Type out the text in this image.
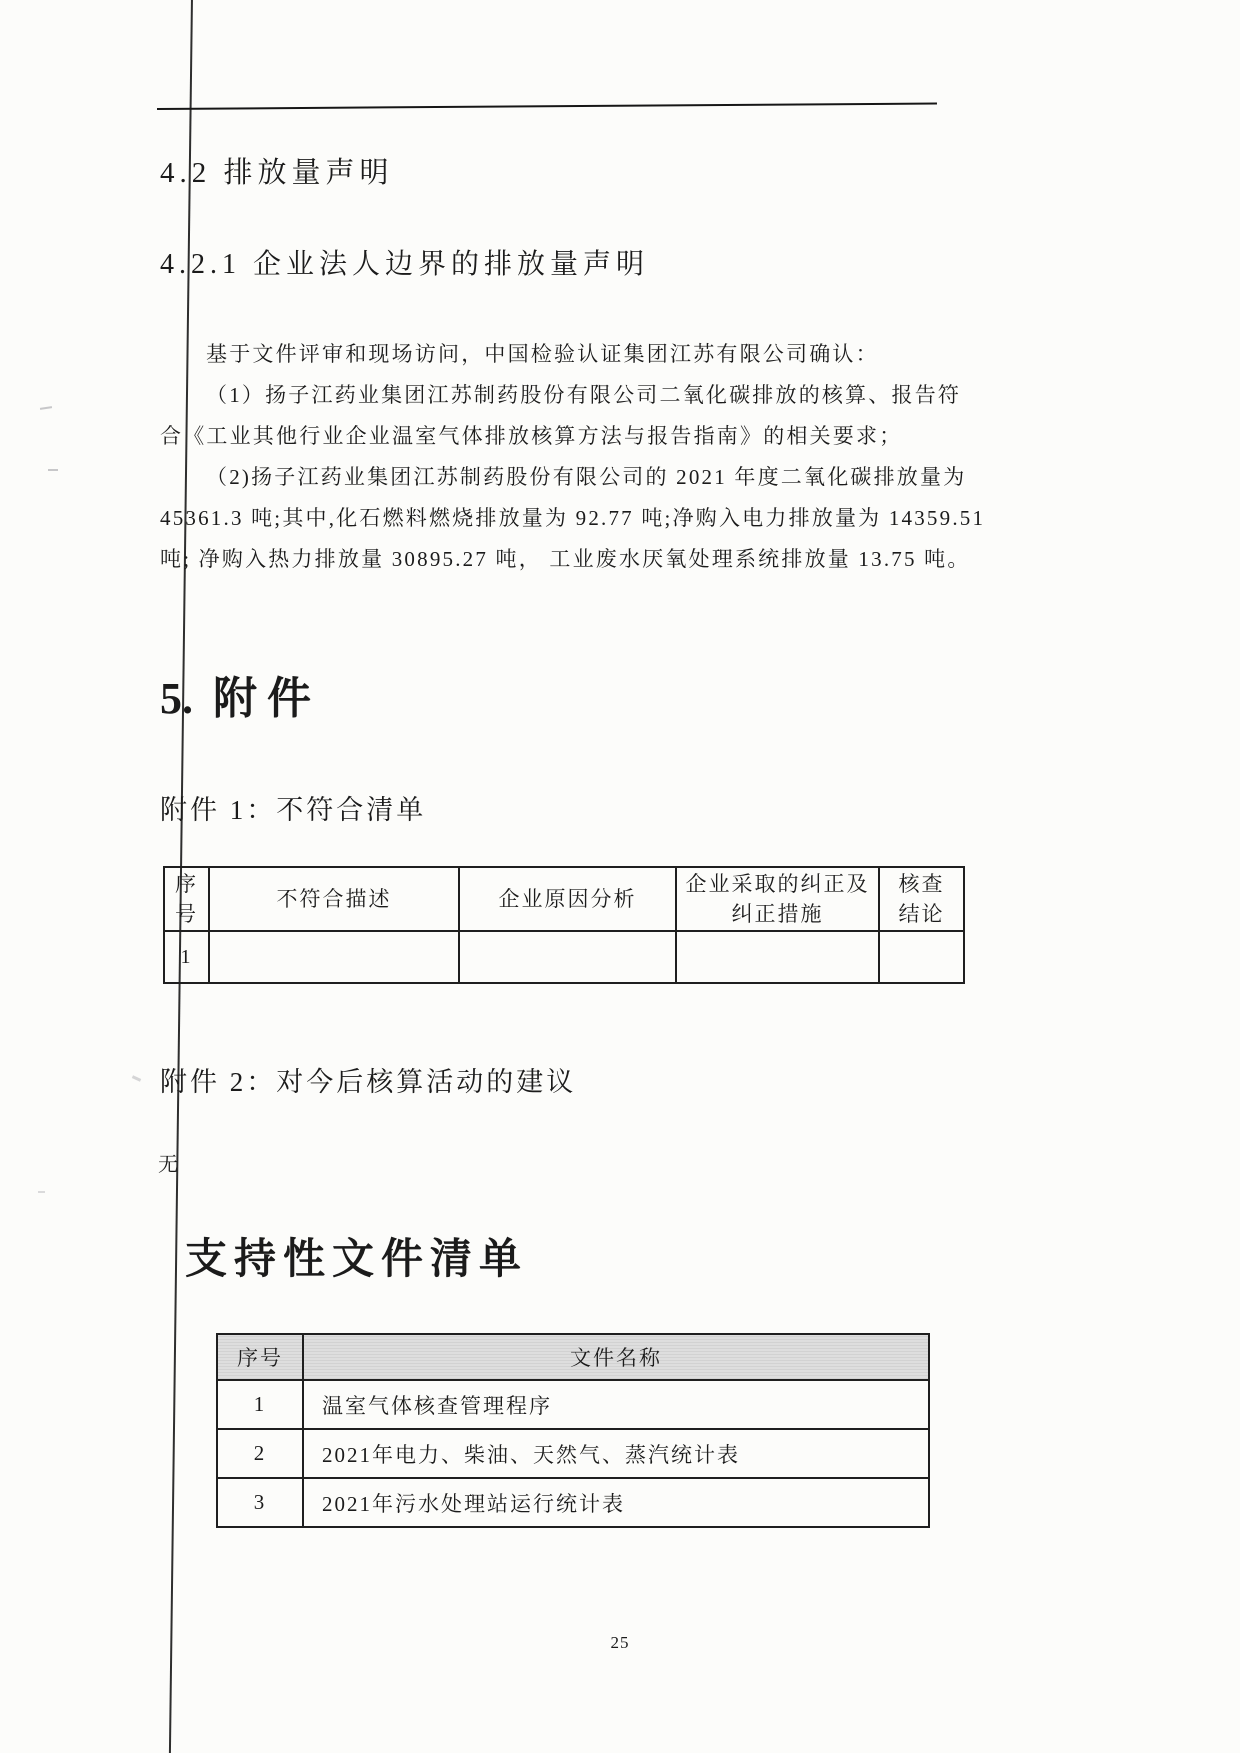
4.2 排放量声明
4.2.1 企业法人边界的排放量声明
基于文件评审和现场访问，中国检验认证集团江苏有限公司确认：
（1）扬子江药业集团江苏制药股份有限公司二氧化碳排放的核算、报告符
合《工业其他行业企业温室气体排放核算方法与报告指南》的相关要求；
（2)扬子江药业集团江苏制药股份有限公司的 2021 年度二氧化碳排放量为
45361.3 吨;其中,化石燃料燃烧排放量为 92.77 吨;净购入电力排放量为 14359.51
吨; 净购入热力排放量 30895.27 吨， 工业废水厌氧处理系统排放量 13.75 吨。
5. 附件
附件 1：不符合清单
序号	不符合描述	企业原因分析	企业采取的纠正及纠正措施	核查结论
1				
附件 2：对今后核算活动的建议
无
支持性文件清单
序号	文件名称
1	温室气体核查管理程序
2	2021年电力、柴油、天然气、蒸汽统计表
3	2021年污水处理站运行统计表
25
